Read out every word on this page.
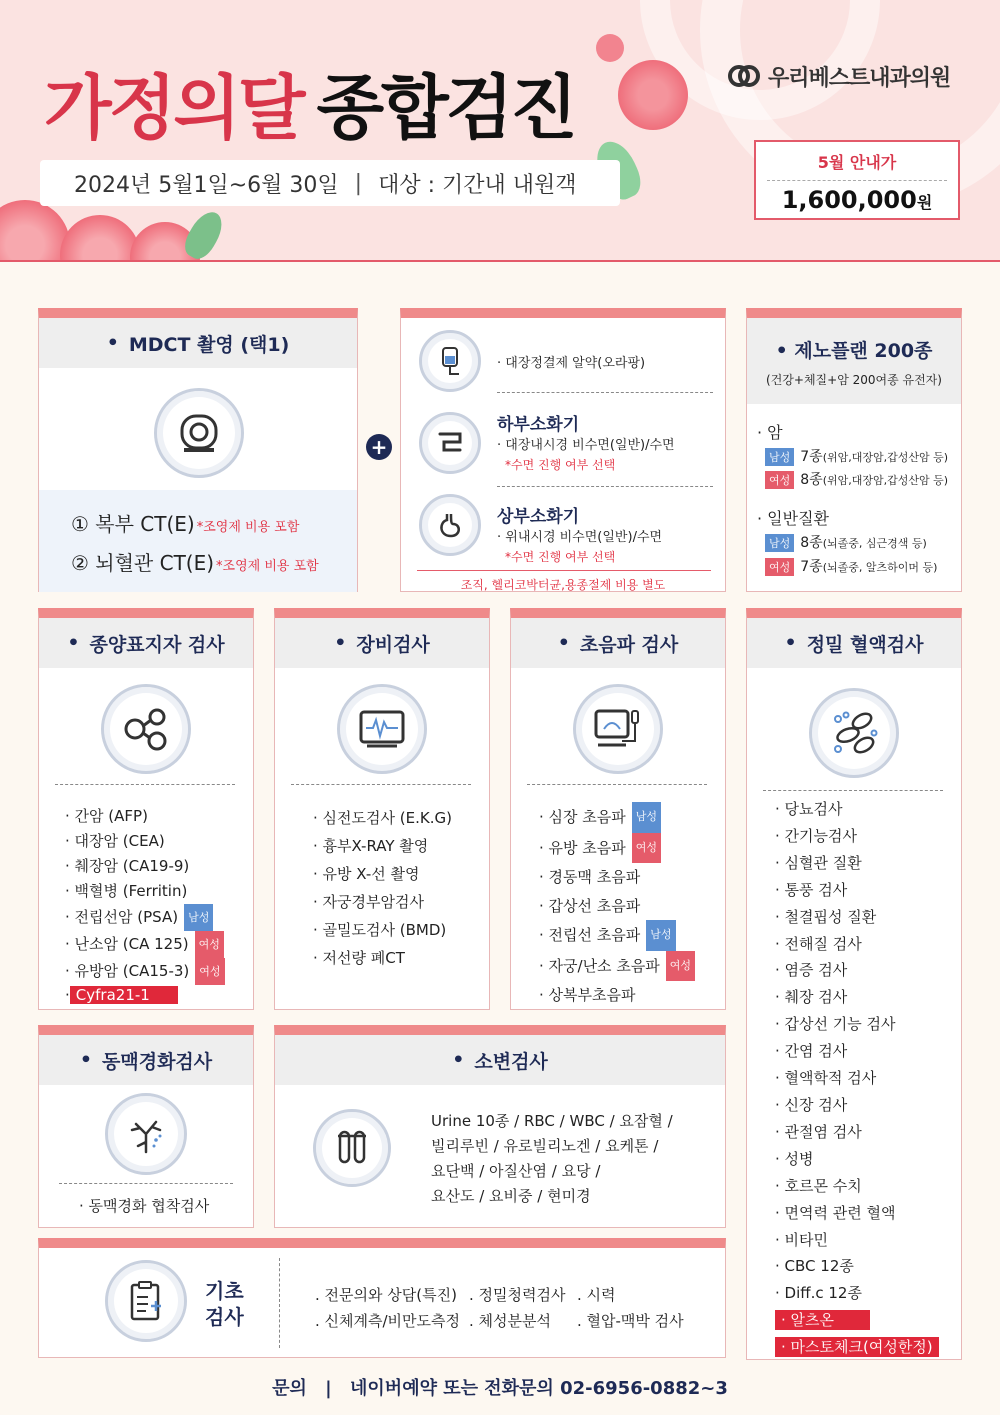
가정의달 종합검진
2024년 5월1일~6월 30일 | 대상 : 기간내 내원객
우리베스트내과의원
5월 안내가
1,600,000원
• MDCT 촬영 (택1)
① 복부 CT(E) *조영제 비용 포함
② 뇌혈관 CT(E) *조영제 비용 포함
+
· 대장정결제 알약(오라팡)
하부소화기
· 대장내시경 비수면(일반)/수면
*수면 진행 여부 선택
상부소화기
· 위내시경 비수면(일반)/수면
*수면 진행 여부 선택
조직, 헬리코박터균,용종절제 비용 별도
• 제노플랜 200종
(건강+체질+암 200여종 유전자)
· 암
남성 7종(위암,대장암,갑성산암 등)
여성 8종(위암,대장암,갑성산암 등)
· 일반질환
남성 8종(뇌졸중, 심근경색 등)
여성 7종(뇌졸중, 알츠하이머 등)
• 종양표지자 검사
· 간암 (AFP)
· 대장암 (CEA)
· 췌장암 (CA19-9)
· 백혈병 (Ferritin)
· 전립선암 (PSA) 남성
· 난소암 (CA 125) 여성
· 유방암 (CA15-3) 여성
· Cyfra21-1
• 장비검사
· 심전도검사 (E.K.G)
· 흉부X-RAY 촬영
· 유방 X-선 촬영
· 자궁경부암검사
· 골밀도검사 (BMD)
· 저선량 폐CT
• 초음파 검사
· 심장 초음파 남성
· 유방 초음파 여성
· 경동맥 초음파
· 갑상선 초음파
· 전립선 초음파 남성
· 자궁/난소 초음파 여성
· 상복부초음파
• 정밀 혈액검사
· 당뇨검사
· 간기능검사
· 심혈관 질환
· 통풍 검사
· 철결핍성 질환
· 전해질 검사
· 염증 검사
· 췌장 검사
· 갑상선 기능 검사
· 간염 검사
· 혈액학적 검사
· 신장 검사
· 관절염 검사
· 성병
· 호르몬 수치
· 면역력 관련 혈액
· 비타민
· CBC 12종
· Diff.c 12종
· 알츠온
· 마스토체크(여성한정)
• 동맥경화검사
· 동맥경화 협착검사
• 소변검사
Urine 10종 / RBC / WBC / 요잠혈 /
빌리루빈 / 유로빌리노겐 / 요케톤 /
요단백 / 아질산염 / 요당 /
요산도 / 요비중 / 현미경
기초
검사
. 전문의와 상담(특진) . 정밀청력검사 . 시력
. 신체계측/비만도측정 . 체성분분석 . 혈압-맥박 검사
문의 | 네이버예약 또는 전화문의 02-6956-0882~3
